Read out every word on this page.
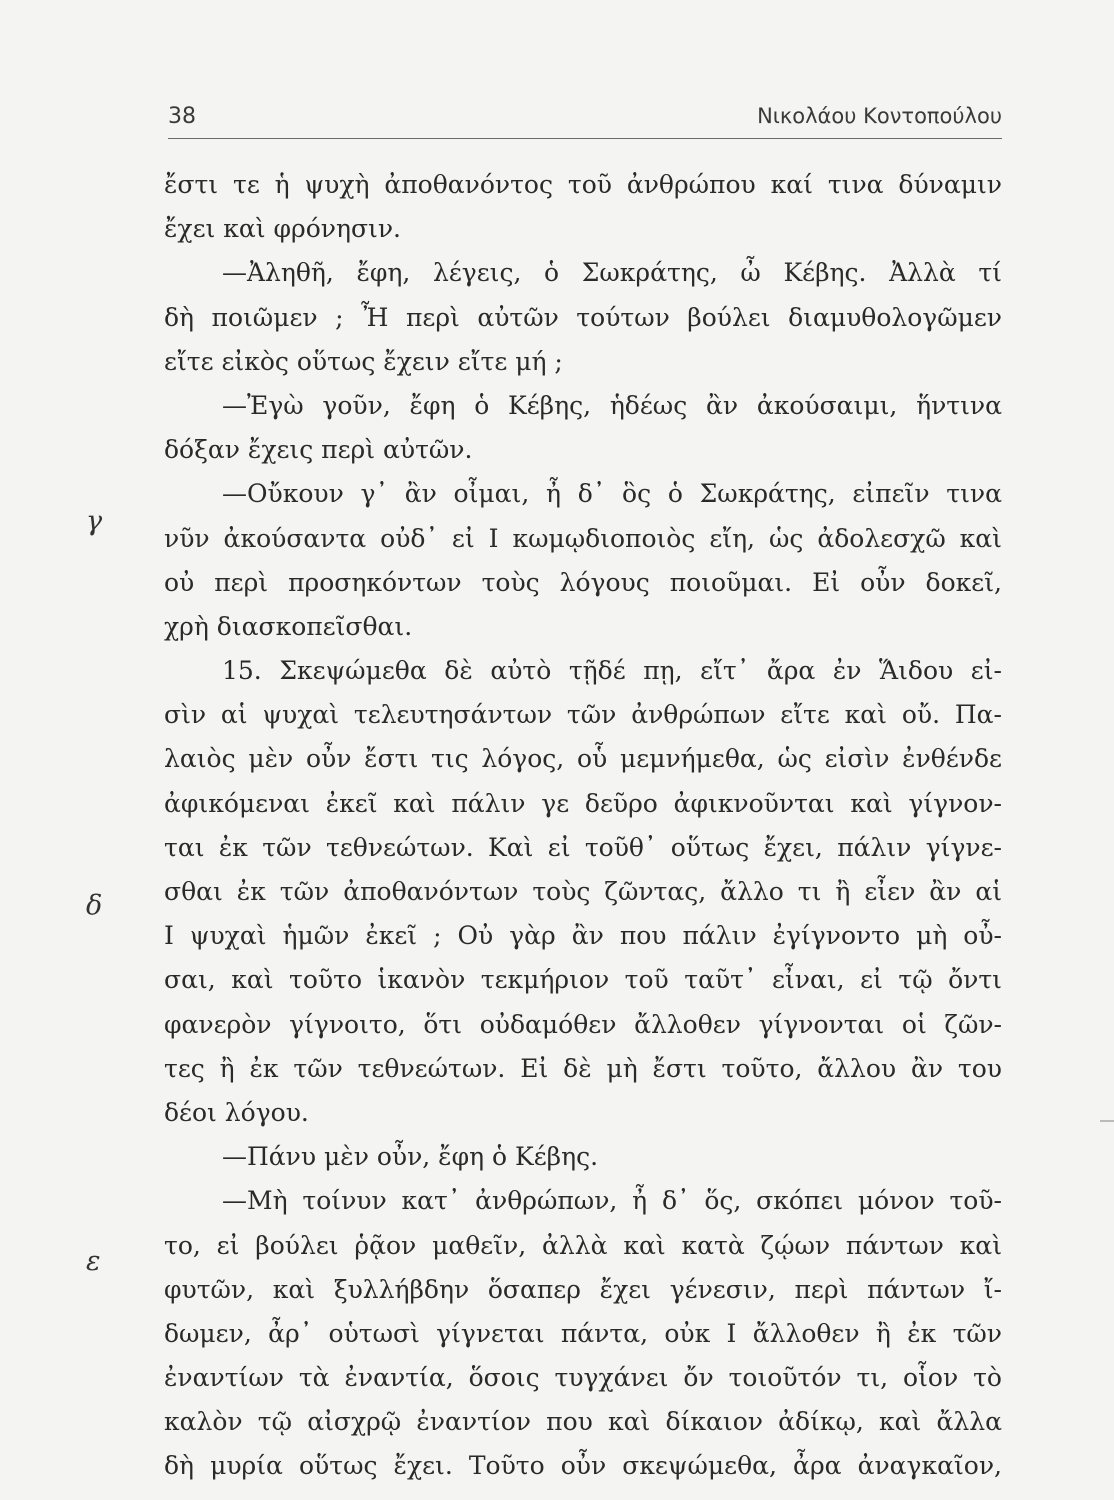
38	Νικολάου Κοντοπούλου
γ
δ
ε
ἔστι τε ἡ ψυχὴ ἀποθανόντος τοῦ ἀνθρώπου καί τινα δύναμιν
ἔχει καὶ φρόνησιν.
—Ἀληθῆ, ἔφη, λέγεις, ὁ Σωκράτης, ὦ Κέβης. Ἀλλὰ τί
δὴ ποιῶμεν ; Ἦ περὶ αὐτῶν τούτων βούλει διαμυθολογῶμεν
εἴτε εἰκὸς οὕτως ἔχειν εἴτε μή ;
—Ἐγὼ γοῦν, ἔφη ὁ Κέβης, ἡδέως ἂν ἀκούσαιμι, ἥντινα
δόξαν ἔχεις περὶ αὐτῶν.
—Οὔκουν γ᾽ ἂν οἶμαι, ἦ δ᾽ ὃς ὁ Σωκράτης, εἰπεῖν τινα
νῦν ἀκούσαντα οὐδ᾽ εἰ Ι κωμῳδιοποιὸς εἴη, ὡς ἀδολεσχῶ καὶ
οὐ περὶ προσηκόντων τοὺς λόγους ποιοῦμαι. Εἰ οὖν δοκεῖ,
χρὴ διασκοπεῖσθαι.
15. Σκεψώμεθα δὲ αὐτὸ τῇδέ πῃ, εἴτ᾽ ἄρα ἐν Ἅιδου εἰ-
σὶν αἱ ψυχαὶ τελευτησάντων τῶν ἀνθρώπων εἴτε καὶ οὔ. Πα-
λαιὸς μὲν οὖν ἔστι τις λόγος, οὗ μεμνήμεθα, ὡς εἰσὶν ἐνθένδε
ἀφικόμεναι ἐκεῖ καὶ πάλιν γε δεῦρο ἀφικνοῦνται καὶ γίγνον-
ται ἐκ τῶν τεθνεώτων. Καὶ εἰ τοῦθ᾽ οὕτως ἔχει, πάλιν γίγνε-
σθαι ἐκ τῶν ἀποθανόντων τοὺς ζῶντας, ἄλλο τι ἢ εἶεν ἂν αἱ
Ι ψυχαὶ ἡμῶν ἐκεῖ ; Οὐ γὰρ ἂν που πάλιν ἐγίγνοντο μὴ οὖ-
σαι, καὶ τοῦτο ἱκανὸν τεκμήριον τοῦ ταῦτ᾽ εἶναι, εἰ τῷ ὄντι
φανερὸν γίγνοιτο, ὅτι οὐδαμόθεν ἄλλοθεν γίγνονται οἱ ζῶν-
τες ἢ ἐκ τῶν τεθνεώτων. Εἰ δὲ μὴ ἔστι τοῦτο, ἄλλου ἂν του
δέοι λόγου.
—Πάνυ μὲν οὖν, ἔφη ὁ Κέβης.
—Μὴ τοίνυν κατ᾽ ἀνθρώπων, ἦ δ᾽ ὅς, σκόπει μόνον τοῦ-
το, εἰ βούλει ῥᾷον μαθεῖν, ἀλλὰ καὶ κατὰ ζῴων πάντων καὶ
φυτῶν, καὶ ξυλλήβδην ὅσαπερ ἔχει γένεσιν, περὶ πάντων ἴ-
δωμεν, ἆρ᾽ οὑτωσὶ γίγνεται πάντα, οὐκ Ι ἄλλοθεν ἢ ἐκ τῶν
ἐναντίων τὰ ἐναντία, ὅσοις τυγχάνει ὄν τοιοῦτόν τι, οἷον τὸ
καλὸν τῷ αἰσχρῷ ἐναντίον που καὶ δίκαιον ἀδίκῳ, καὶ ἄλλα
δὴ μυρία οὕτως ἔχει. Τοῦτο οὖν σκεψώμεθα, ἆρα ἀναγκαῖον,
